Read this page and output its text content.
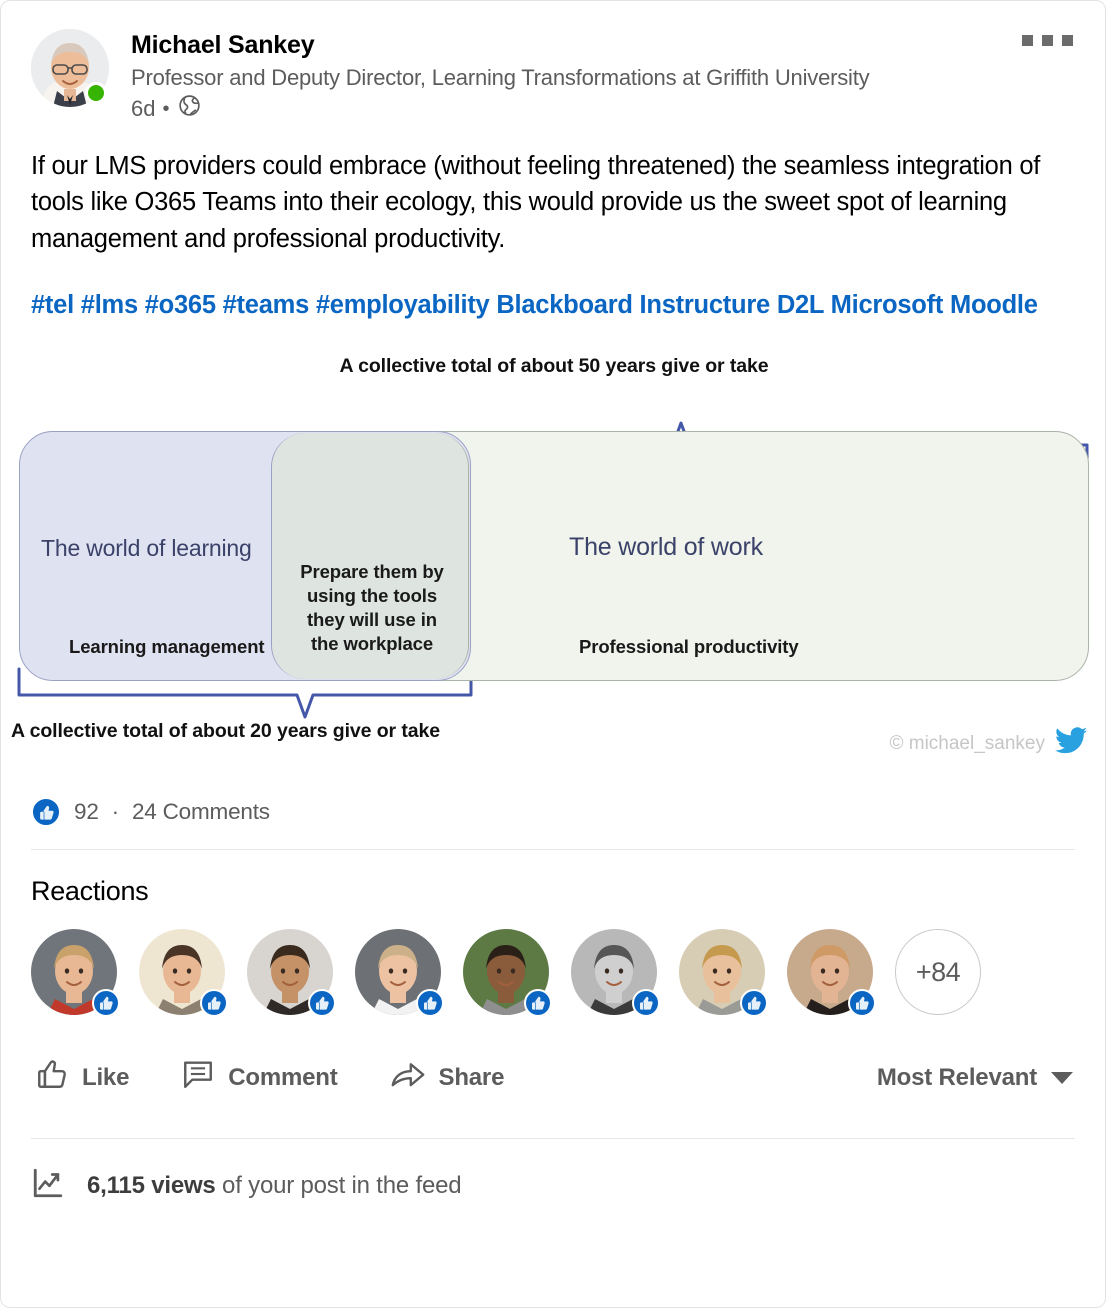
Michael Sankey
Professor and Deputy Director, Learning Transformations at Griffith University
6d •
If our LMS providers could embrace (without feeling threatened) the seamless integration of tools like O365 Teams into their ecology, this would provide us the sweet spot of learning management and professional productivity.
#tel #lms #o365 #teams #employability Blackboard Instructure D2L Microsoft Moodle
A collective total of about 50 years give or take
The world of learning	The world of work
Learning management	Professional productivity
Prepare them by using the tools they will use in the workplace
A collective total of about 20 years give or take
© michael_sankey
92 · 24 Comments
Reactions
+84
Like	Comment	Share	Most Relevant
6,115 views of your post in the feed
